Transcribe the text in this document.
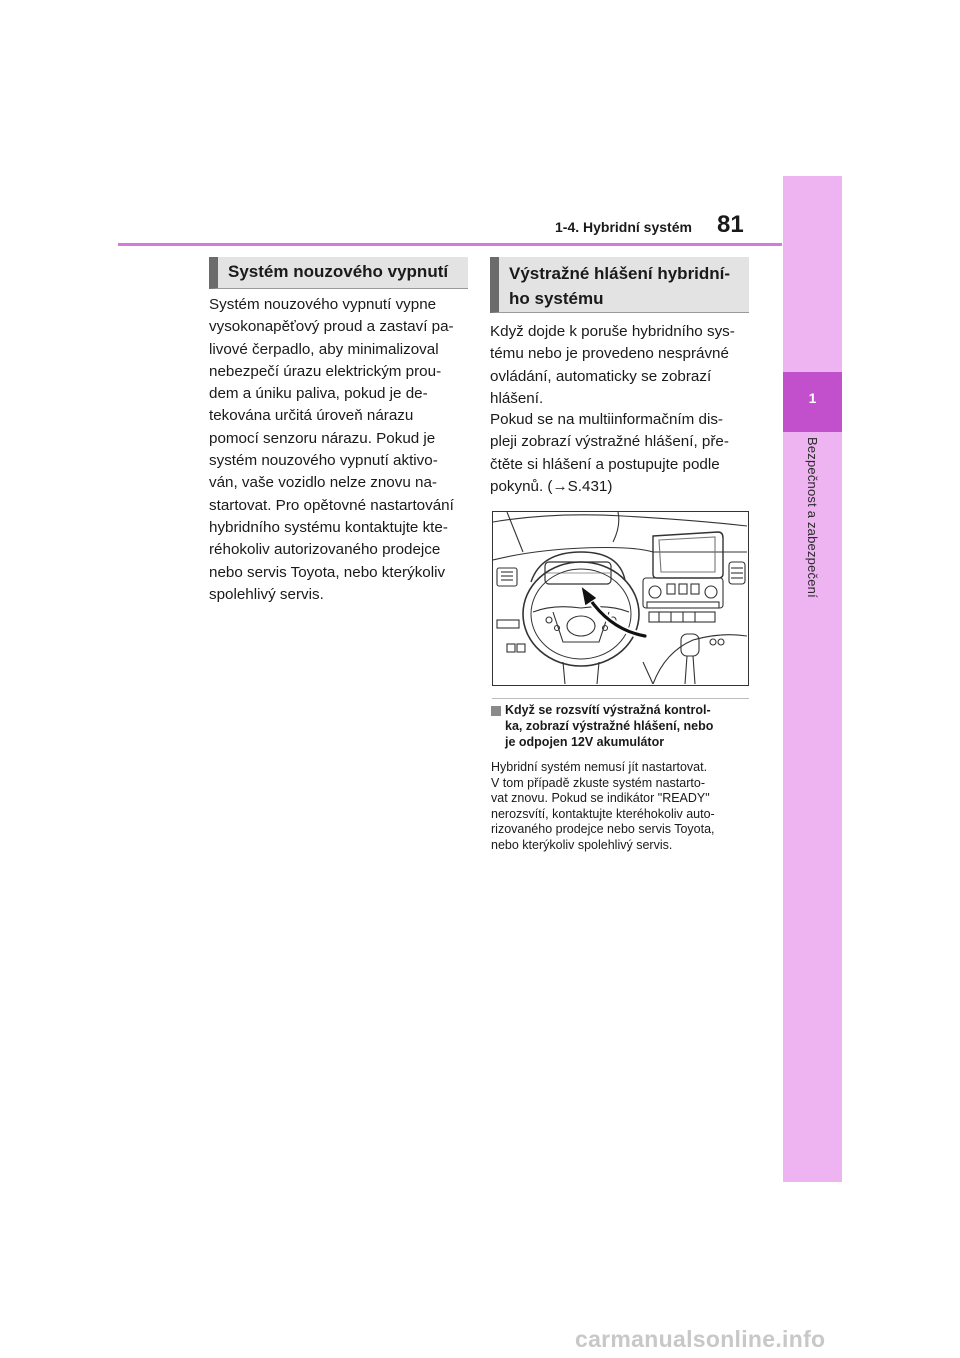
1
Bezpečnost a zabezpečení
1-4. Hybridní systém 81
Systém nouzového vypnutí
Systém nouzového vypnutí vypne
vysokonapěťový proud a zastaví pa-
livové čerpadlo, aby minimalizoval
nebezpečí úrazu elektrickým prou-
dem a úniku paliva, pokud je de-
tekována určitá úroveň nárazu
pomocí senzoru nárazu. Pokud je
systém nouzového vypnutí aktivo-
ván, vaše vozidlo nelze znovu na-
startovat. Pro opětovné nastartování
hybridního systému kontaktujte kte-
réhokoliv autorizovaného prodejce
nebo servis Toyota, nebo kterýkoliv
spolehlivý servis.
Výstražné hlášení hybridní-
ho systému
Když dojde k poruše hybridního sys-
tému nebo je provedeno nesprávné
ovládání, automaticky se zobrazí
hlášení.
Pokud se na multiinformačním dis-
pleji zobrazí výstražné hlášení, pře-
čtěte si hlášení a postupujte podle
pokynů. (→S.431)
Když se rozsvítí výstražná kontrol-
ka, zobrazí výstražné hlášení, nebo
je odpojen 12V akumulátor
Hybridní systém nemusí jít nastartovat.
V tom případě zkuste systém nastarto-
vat znovu. Pokud se indikátor "READY"
nerozsvítí, kontaktujte kteréhokoliv auto-
rizovaného prodejce nebo servis Toyota,
nebo kterýkoliv spolehlivý servis.
carmanualsonline.info
